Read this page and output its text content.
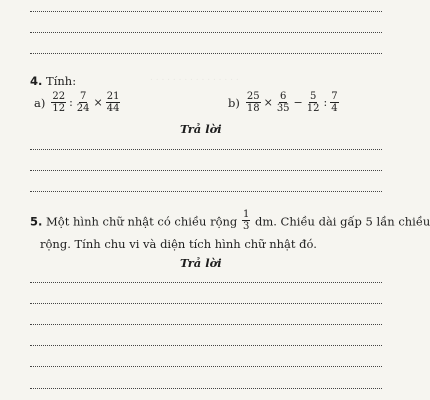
. . . . . . . . . . . . . . . .
4. Tính:
$a) \frac{22}{12}$ : $\frac{7}{24} \times \frac{21}{44}$	$b) \frac{25}{18} \times \frac{6}{35} - \frac{5}{12}$ : $\frac{7}{4}$
Trả lời
5. Một hình chữ nhật có chiều rộng $\frac{1}{3}$ dm. Chiều dài gấp 5 lần chiều
rộng. Tính chu vi và diện tích hình chữ nhật đó.
Trả lời
